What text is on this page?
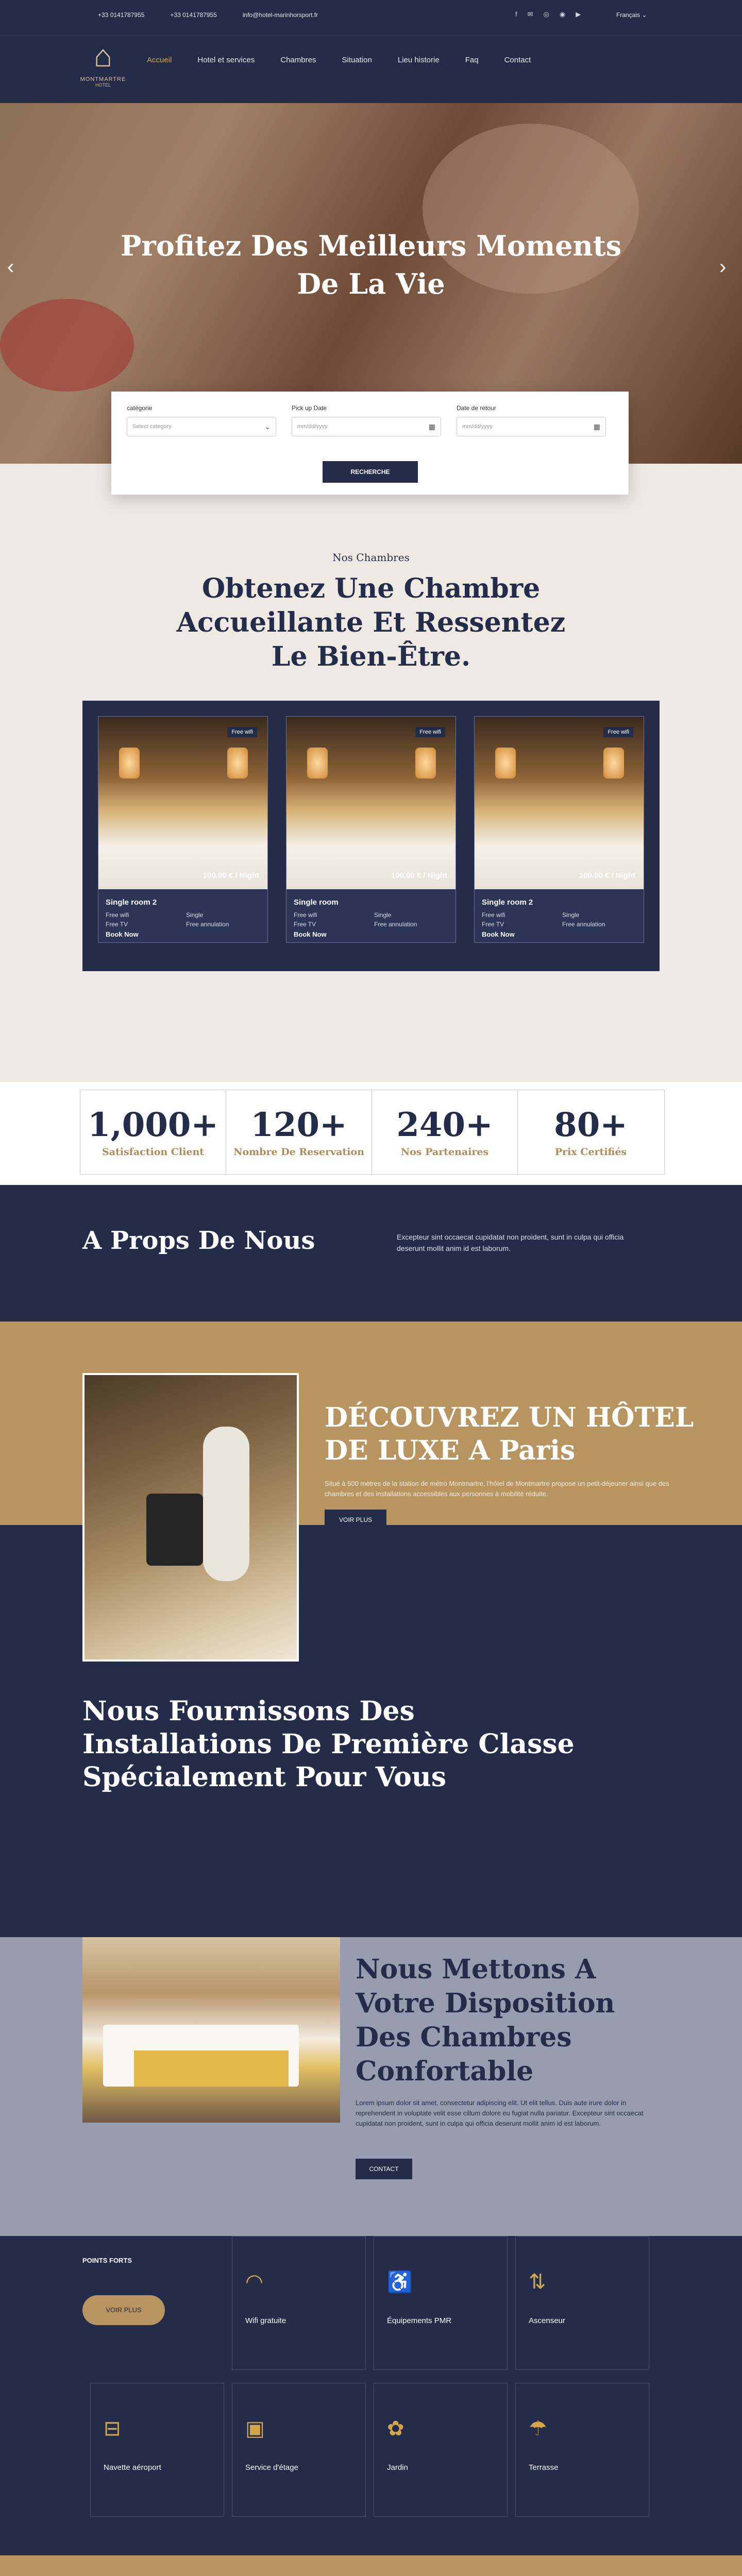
+33 0141787955	+33 0141787955	info@hotel-marinhorsport.fr	f ✉ ◎ ◉ ▶	Français ⌄
⌂
MONTMARTRE
HOTEL
Accueil	Hotel et services	Chambres	Situation	Lieu historie	Faq	Contact
Profitez Des Meilleurs Moments De La Vie
‹	›
Nos Chambres
Obtenez Une Chambre Accueillante Et Ressentez Le Bien-Être.
Free wifi
100.00 € / Night
Single room 2
Free wifi	Single
Free TV	Free annulation
Book Now
Free wifi
100.00 € / Night
Single room
Free wifi	Single
Free TV	Free annulation
Book Now
Free wifi
100.00 € / Night
Single room 2
Free wifi	Single
Free TV	Free annulation
Book Now
catégorie
Select category	⌄
Pick up Date
mm/dd/yyyy	▦
Date de retour
mm/dd/yyyy	▦
RECHERCHE
1,000+
Satisfaction Client
120+
Nombre De Reservation
240+
Nos Partenaires
80+
Prix Certifiés
A Props De Nous	Excepteur sint occaecat cupidatat non proident, sunt in culpa qui officia deserunt mollit anim id est laborum.

DÉCOUVREZ UN HÔTEL DE LUXE A Paris

Situé à 500 mètres de la station de métro Montmartre, l'hôtel de Montmartre propose un petit-déjeuner ainsi que des chambres et des installations accessibles aux personnes à mobilité réduite.

VOIR PLUS
Nous Fournissons Des Installations De Première Classe Spécialement Pour Vous
Nous Mettons A Votre Disposition Des Chambres Confortable

Lorem ipsum dolor sit amet, consectetur adipiscing elit. Ut elit tellus. Duis aute irure dolor in reprehenderit in voluptate velit esse cillum dolore eu fugiat nulla pariatur. Excepteur sint occaecat cupidatat non proident, sunt in culpa qui officia deserunt mollit anim id est laborum.

CONTACT
POINTS FORTS
VOIR PLUS
◠
Wifi gratuite
♿
Équipements PMR
⇅
Ascenseur
⊟
Navette aéroport
▣
Service d'étage
✿
Jardin
☂
Terrasse
